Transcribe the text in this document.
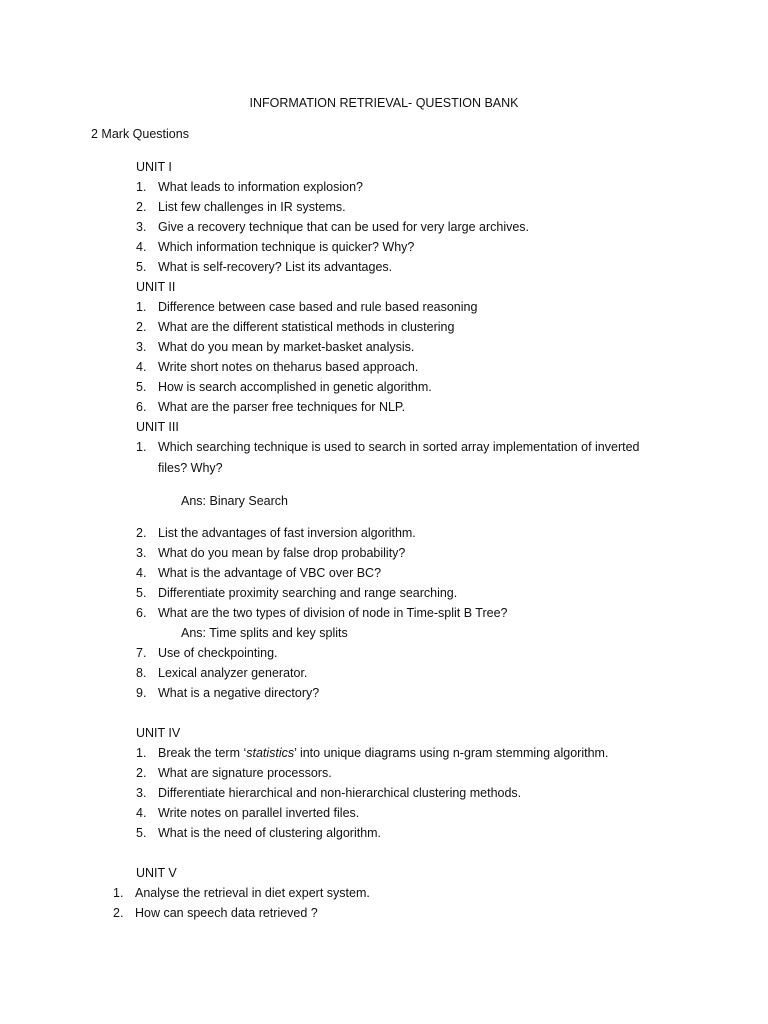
INFORMATION RETRIEVAL- QUESTION BANK
2 Mark Questions
UNIT I
1. What leads to information explosion?
2. List few challenges in IR systems.
3. Give a recovery technique that can be used for very large archives.
4. Which information technique is quicker? Why?
5. What is self-recovery? List its advantages.
UNIT II
1. Difference between case based and rule based reasoning
2. What are the different statistical methods in clustering
3. What do you mean by market-basket analysis.
4. Write short notes on theharus based approach.
5. How is search accomplished in genetic algorithm.
6. What are the parser free techniques for NLP.
UNIT III
1. Which searching technique is used to search in sorted array implementation of inverted
files? Why?
Ans: Binary Search
2. List the advantages of fast inversion algorithm.
3. What do you mean by false drop probability?
4. What is the advantage of VBC over BC?
5. Differentiate proximity searching and range searching.
6. What are the two types of division of node in Time-split B Tree?
Ans: Time splits and key splits
7. Use of checkpointing.
8. Lexical analyzer generator.
9. What is a negative directory?
UNIT IV
1. Break the term ‘statistics’ into unique diagrams using n-gram stemming algorithm.
2. What are signature processors.
3. Differentiate hierarchical and non-hierarchical clustering methods.
4. Write notes on parallel inverted files.
5. What is the need of clustering algorithm.
UNIT V
1. Analyse the retrieval in diet expert system.
2. How can speech data retrieved ?
